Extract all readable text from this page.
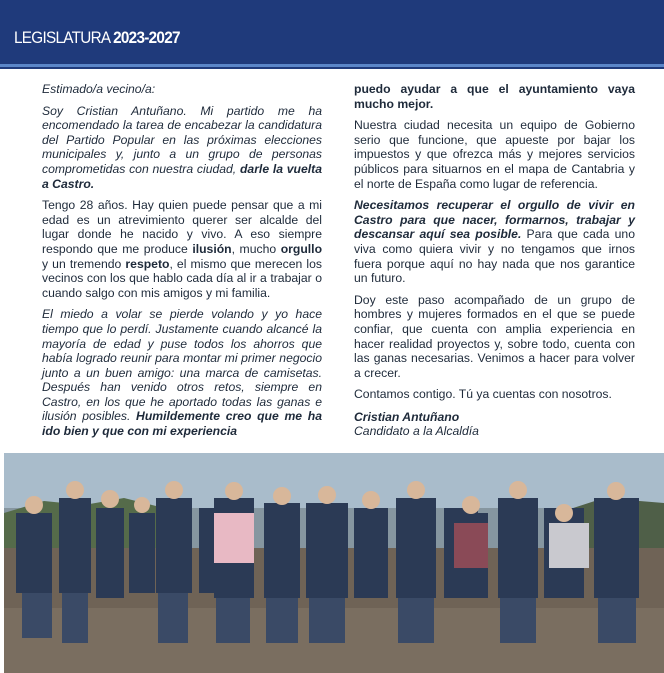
LEGISLATURA 2023-2027

Estimado/a vecino/a:

Soy Cristian Antuñano. Mi partido me ha encomendado la tarea de encabezar la candidatura del Partido Popular en las próximas elecciones municipales y, junto a un grupo de personas comprometidas con nuestra ciudad, darle la vuelta a Castro.

Tengo 28 años. Hay quien puede pensar que a mi edad es un atrevimiento querer ser alcalde del lugar donde he nacido y vivo. A eso siempre respondo que me produce ilusión, mucho orgullo y un tremendo respeto, el mismo que merecen los vecinos con los que hablo cada día al ir a trabajar o cuando salgo con mis amigos y mi familia.

El miedo a volar se pierde volando y yo hace tiempo que lo perdí. Justamente cuando alcancé la mayoría de edad y puse todos los ahorros que había logrado reunir para montar mi primer negocio junto a un buen amigo: una marca de camisetas. Después han venido otros retos, siempre en Castro, en los que he aportado todas las ganas e ilusión posibles. Humildemente creo que me ha ido bien y que con mi experiencia

puedo ayudar a que el ayuntamiento vaya mucho mejor.

Nuestra ciudad necesita un equipo de Gobierno serio que funcione, que apueste por bajar los impuestos y que ofrezca más y mejores servicios públicos para situarnos en el mapa de Cantabria y el norte de España como lugar de referencia.

Necesitamos recuperar el orgullo de vivir en Castro para que nacer, formarnos, trabajar y descansar aquí sea posible. Para que cada uno viva como quiera vivir y no tengamos que irnos fuera porque aquí no hay nada que nos garantice un futuro.

Doy este paso acompañado de un grupo de hombres y mujeres formados en el que se puede confiar, que cuenta con amplia experiencia en hacer realidad proyectos y, sobre todo, cuenta con las ganas necesarias. Venimos a hacer para volver a crecer.

Contamos contigo. Tú ya cuentas con nosotros.

Cristian Antuñano
Candidato a la Alcaldía
